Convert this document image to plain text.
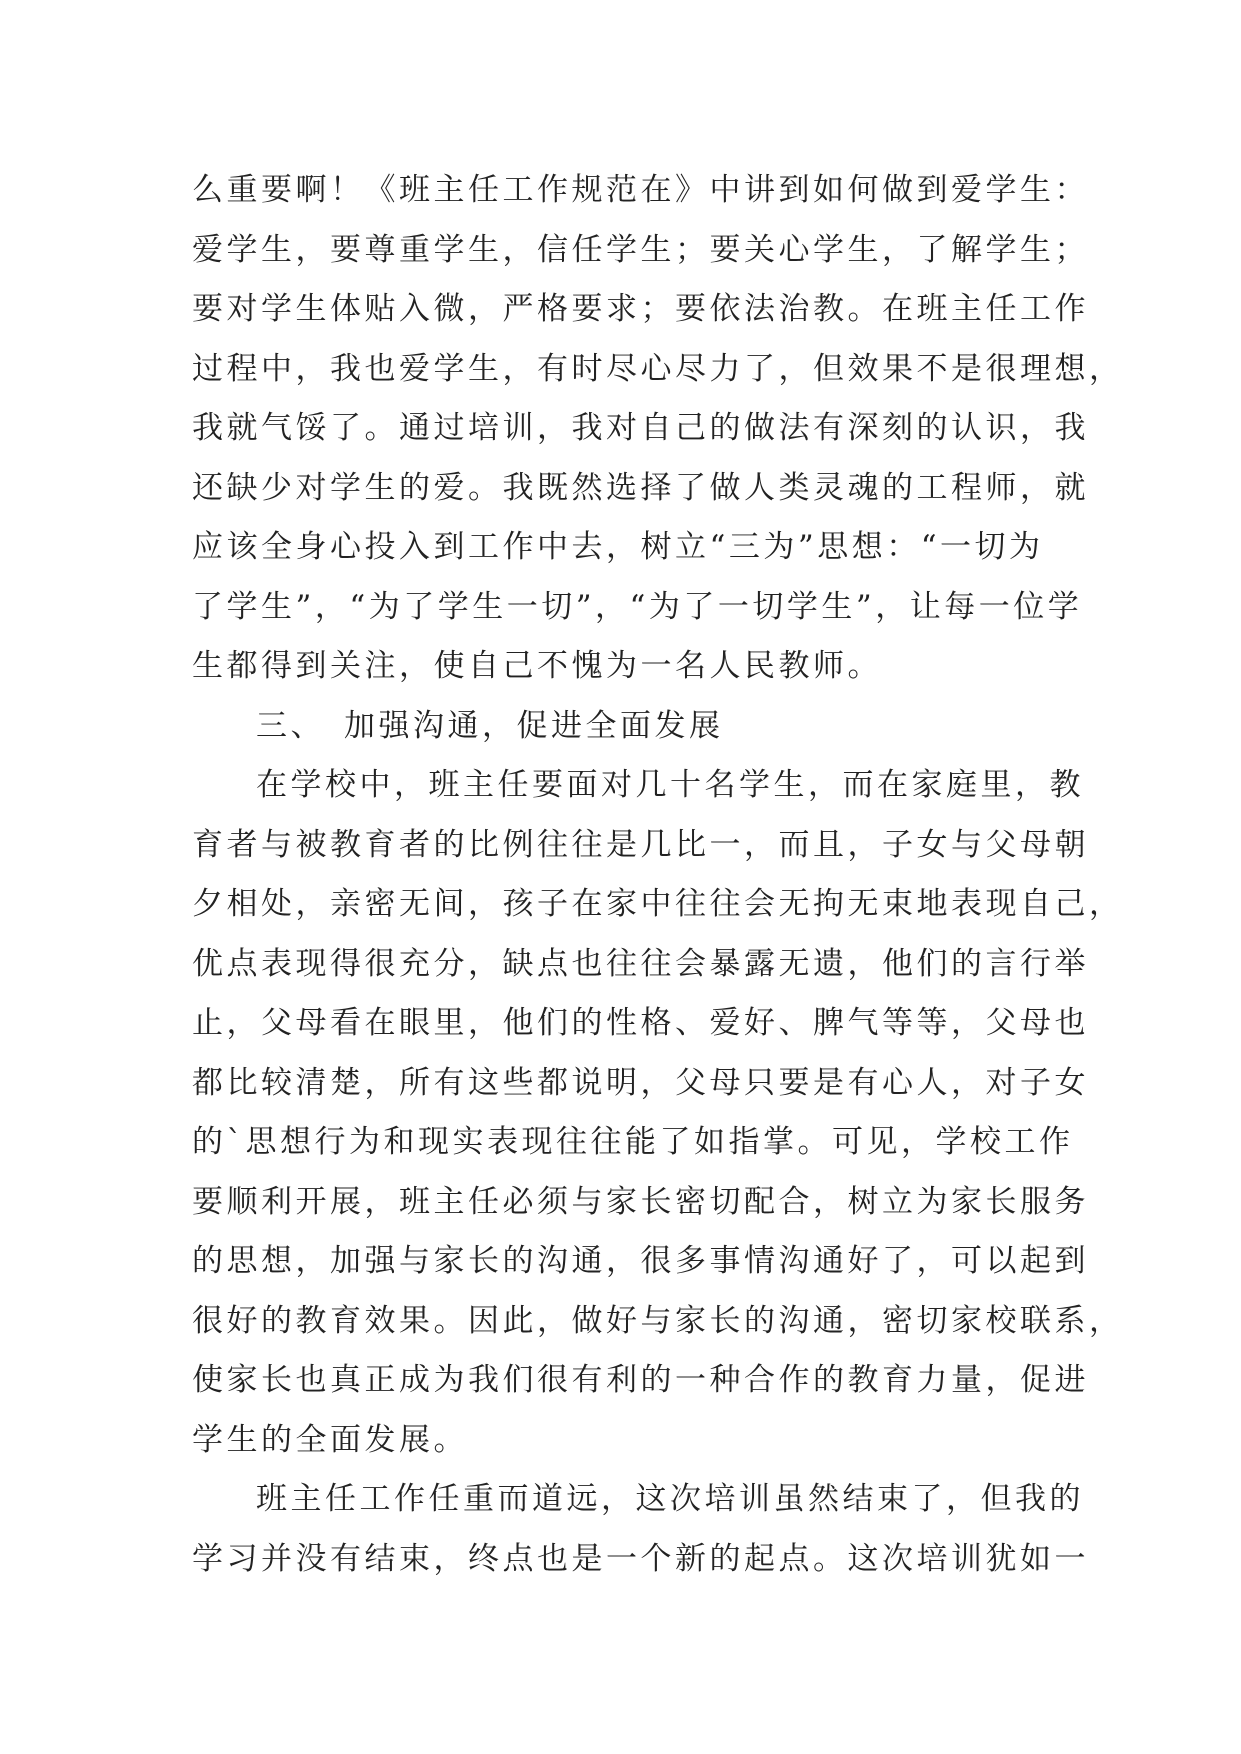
么重要啊！《班主任工作规范在》中讲到如何做到爱学生：
爱学生，要尊重学生，信任学生；要关心学生，了解学生；
要对学生体贴入微，严格要求；要依法治教。在班主任工作
过程中，我也爱学生，有时尽心尽力了，但效果不是很理想，
我就气馁了。通过培训，我对自己的做法有深刻的认识，我
还缺少对学生的爱。我既然选择了做人类灵魂的工程师，就
应该全身心投入到工作中去，树立“三为”思想：“一切为
了学生”，“为了学生一切”，“为了一切学生”，让每一位学
生都得到关注，使自己不愧为一名人民教师。
三、　加强沟通，促进全面发展
在学校中，班主任要面对几十名学生，而在家庭里，教
育者与被教育者的比例往往是几比一，而且，子女与父母朝
夕相处，亲密无间，孩子在家中往往会无拘无束地表现自己，
优点表现得很充分，缺点也往往会暴露无遗，他们的言行举
止，父母看在眼里，他们的性格、爱好、脾气等等，父母也
都比较清楚，所有这些都说明，父母只要是有心人，对子女
的`思想行为和现实表现往往能了如指掌。可见，学校工作
要顺利开展，班主任必须与家长密切配合，树立为家长服务
的思想，加强与家长的沟通，很多事情沟通好了，可以起到
很好的教育效果。因此，做好与家长的沟通，密切家校联系，
使家长也真正成为我们很有利的一种合作的教育力量，促进
学生的全面发展。
班主任工作任重而道远，这次培训虽然结束了，但我的
学习并没有结束，终点也是一个新的起点。这次培训犹如一
